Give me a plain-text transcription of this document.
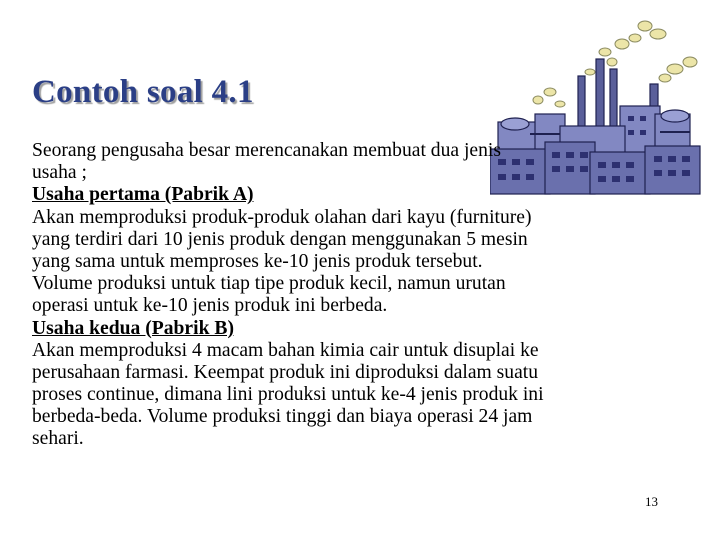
Contoh soal 4.1
Seorang pengusaha besar merencanakan membuat dua jenis
usaha ;
Usaha pertama (Pabrik A)
Akan memproduksi produk-produk olahan dari kayu (furniture)
yang terdiri dari 10 jenis produk dengan menggunakan 5 mesin
yang sama untuk memproses ke-10 jenis produk tersebut.
Volume produksi untuk tiap tipe produk kecil, namun urutan
operasi untuk ke-10 jenis produk ini berbeda.
Usaha kedua (Pabrik B)
Akan memproduksi 4 macam bahan kimia cair untuk disuplai ke
perusahaan farmasi. Keempat produk ini diproduksi dalam suatu
proses continue, dimana lini produksi untuk ke-4 jenis produk ini
berbeda-beda. Volume produksi tinggi dan biaya operasi 24 jam
sehari.
13
